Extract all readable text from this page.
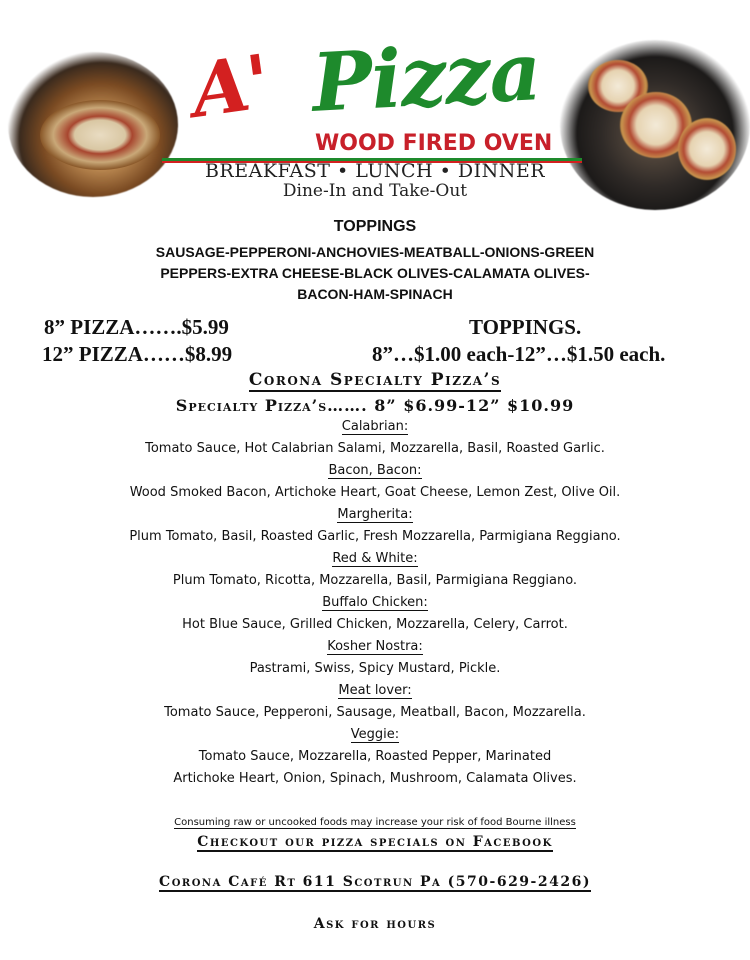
A' Pizza
WOOD FIRED OVEN
BREAKFAST • LUNCH • DINNER
Dine-In and Take-Out
TOPPINGS
SAUSAGE-PEPPERONI-ANCHOVIES-MEATBALL-ONIONS-GREEN PEPPERS-EXTRA CHEESE-BLACK OLIVES-CALAMATA OLIVES-BACON-HAM-SPINACH
8” PIZZA…….$5.99
12” PIZZA……$8.99
TOPPINGS.
8”…$1.00 each-12”…$1.50 each.
Corona Specialty Pizza’s
Specialty Pizza’s……. 8” $6.99-12” $10.99
Calabrian:
Tomato Sauce, Hot Calabrian Salami, Mozzarella, Basil, Roasted Garlic.
Bacon, Bacon:
Wood Smoked Bacon, Artichoke Heart, Goat Cheese, Lemon Zest, Olive Oil.
Margherita:
Plum Tomato, Basil, Roasted Garlic, Fresh Mozzarella, Parmigiana Reggiano.
Red & White:
Plum Tomato, Ricotta, Mozzarella, Basil, Parmigiana Reggiano.
Buffalo Chicken:
Hot Blue Sauce, Grilled Chicken, Mozzarella, Celery, Carrot.
Kosher Nostra:
Pastrami, Swiss, Spicy Mustard, Pickle.
Meat lover:
Tomato Sauce, Pepperoni, Sausage, Meatball, Bacon, Mozzarella.
Veggie:
Tomato Sauce, Mozzarella, Roasted Pepper, Marinated
Artichoke Heart, Onion, Spinach, Mushroom, Calamata Olives.
Consuming raw or uncooked foods may increase your risk of food Bourne illness
Checkout our pizza specials on Facebook
Corona Café Rt 611 Scotrun Pa (570-629-2426)
Ask for hours
